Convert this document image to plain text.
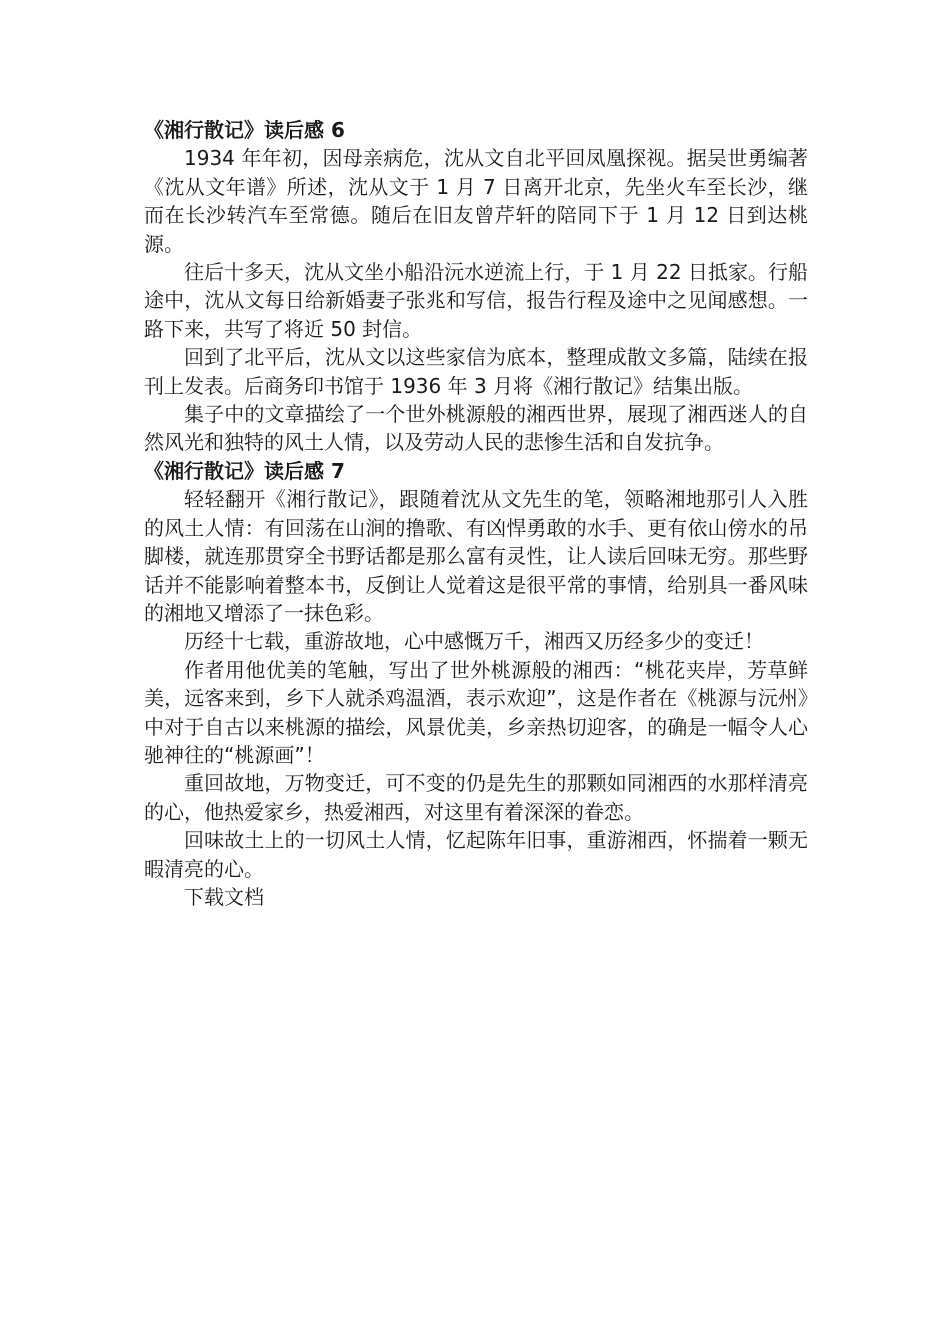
《湘行散记》读后感 6
1934 年年初，因母亲病危，沈从文自北平回凤凰探视。据吴世勇编著《沈从文年谱》所述，沈从文于 1 月 7 日离开北京，先坐火车至长沙，继而在长沙转汽车至常德。随后在旧友曾芹轩的陪同下于 1 月 12 日到达桃源。
往后十多天，沈从文坐小船沿沅水逆流上行，于 1 月 22 日抵家。行船途中，沈从文每日给新婚妻子张兆和写信，报告行程及途中之见闻感想。一路下来，共写了将近 50 封信。
回到了北平后，沈从文以这些家信为底本，整理成散文多篇，陆续在报刊上发表。后商务印书馆于 1936 年 3 月将《湘行散记》结集出版。
集子中的文章描绘了一个世外桃源般的湘西世界，展现了湘西迷人的自然风光和独特的风土人情，以及劳动人民的悲惨生活和自发抗争。
《湘行散记》读后感 7
轻轻翻开《湘行散记》，跟随着沈从文先生的笔，领略湘地那引人入胜的风土人情：有回荡在山涧的撸歌、有凶悍勇敢的水手、更有依山傍水的吊脚楼，就连那贯穿全书野话都是那么富有灵性，让人读后回味无穷。那些野话并不能影响着整本书，反倒让人觉着这是很平常的事情，给别具一番风味的湘地又增添了一抹色彩。
历经十七载，重游故地，心中感慨万千，湘西又历经多少的变迁！
作者用他优美的笔触，写出了世外桃源般的湘西：“桃花夹岸，芳草鲜美，远客来到，乡下人就杀鸡温酒，表示欢迎”，这是作者在《桃源与沅州》中对于自古以来桃源的描绘，风景优美，乡亲热切迎客，的确是一幅令人心驰神往的“桃源画”！
重回故地，万物变迁，可不变的仍是先生的那颗如同湘西的水那样清亮的心，他热爱家乡，热爱湘西，对这里有着深深的眷恋。
回味故土上的一切风土人情，忆起陈年旧事，重游湘西，怀揣着一颗无暇清亮的心。
下载文档
